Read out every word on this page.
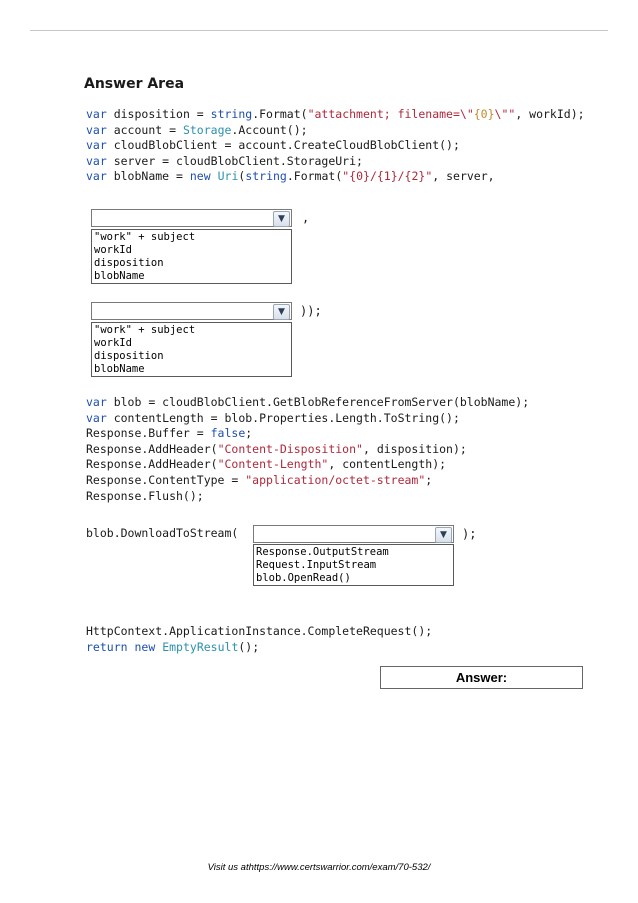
Answer Area
var disposition = string.Format("attachment; filename=\"{0}\"", workId);
var account = Storage.Account();
var cloudBlobClient = account.CreateCloudBlobClient();
var server = cloudBlobClient.StorageUri;
var blobName = new Uri(string.Format("{0}/{1}/{2}", server,
▼	,
"work" + subject
workId
disposition
blobName
▼	));
"work" + subject
workId
disposition
blobName
var blob = cloudBlobClient.GetBlobReferenceFromServer(blobName);
var contentLength = blob.Properties.Length.ToString();
Response.Buffer = false;
Response.AddHeader("Content-Disposition", disposition);
Response.AddHeader("Content-Length", contentLength);
Response.ContentType = "application/octet-stream";
Response.Flush();
blob.DownloadToStream(	▼	);
Response.OutputStream
Request.InputStream
blob.OpenRead()
HttpContext.ApplicationInstance.CompleteRequest();
return new EmptyResult();
Answer:
Visit us athttps://www.certswarrior.com/exam/70-532/
